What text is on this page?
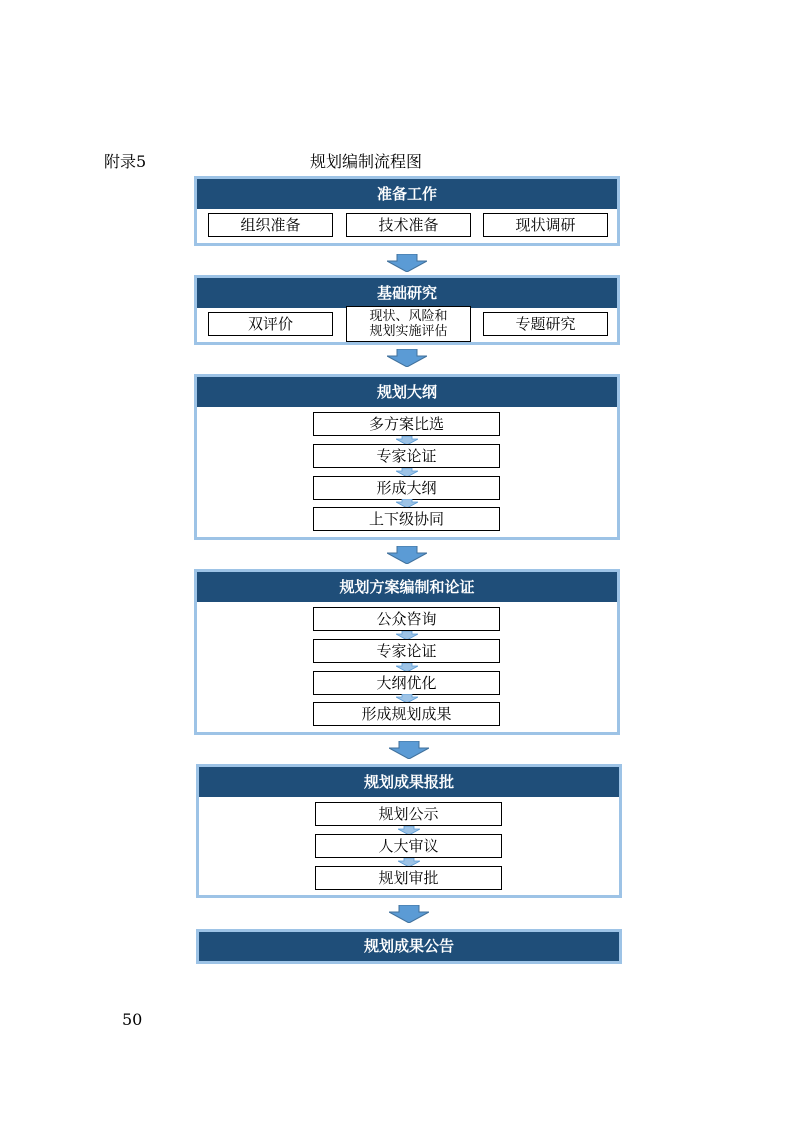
附录5	规划编制流程图
准备工作
组织准备	技术准备	现状调研
基础研究
双评价	现状、风险和
规划实施评估	专题研究
规划大纲
多方案比选
专家论证
形成大纲
上下级协同
规划方案编制和论证
公众咨询
专家论证
大纲优化
形成规划成果
规划成果报批
规划公示
人大审议
规划审批
规划成果公告
50
